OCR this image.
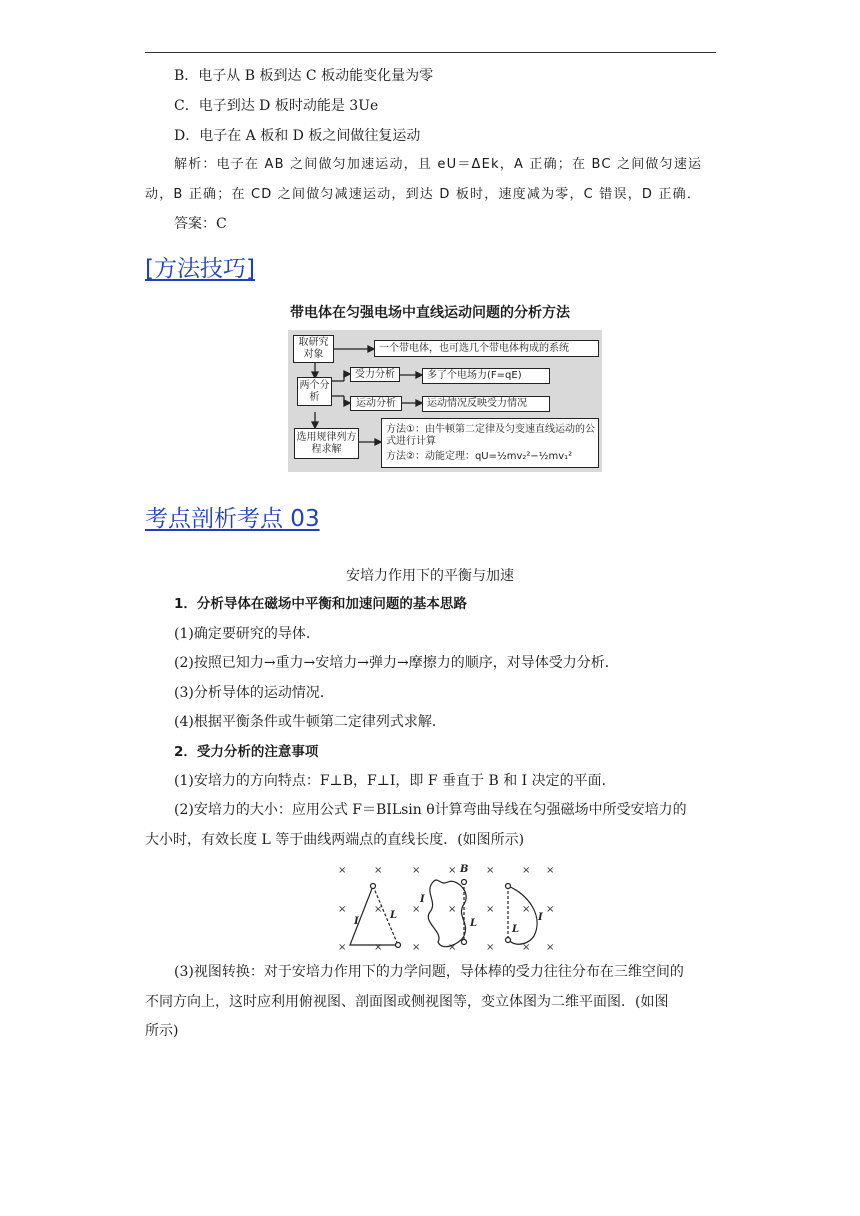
B．电子从 B 板到达 C 板动能变化量为零
C．电子到达 D 板时动能是 3Ue
D．电子在 A 板和 D 板之间做往复运动
解析：电子在 AB 之间做匀加速运动，且 eU＝ΔEk，A 正确；在 BC 之间做匀速运
动，B 正确；在 CD 之间做匀减速运动，到达 D 板时，速度减为零，C 错误，D 正确．
答案：C
[方法技巧]
带电体在匀强电场中直线运动问题的分析方法
取研究对象
一个带电体，也可选几个带电体构成的系统
两个分析
受力分析	多了个电场力(F=qE)
运动分析	运动情况反映受力情况
选用规律列方程求解
方法①：由牛顿第二定律及匀变速直线运动的公式进行计算
方法②：动能定理：qU=½mv₂²−½mv₁²
考点剖析考点 03
安培力作用下的平衡与加速
1．分析导体在磁场中平衡和加速问题的基本思路
(1)确定要研究的导体．
(2)按照已知力→重力→安培力→弹力→摩擦力的顺序，对导体受力分析．
(3)分析导体的运动情况．
(4)根据平衡条件或牛顿第二定律列式求解．
2．受力分析的注意事项
(1)安培力的方向特点：F⊥B，F⊥I，即 F 垂直于 B 和 I 决定的平面．
(2)安培力的大小：应用公式 F＝BILsin θ计算弯曲导线在匀强磁场中所受安培力的
大小时，有效长度 L 等于曲线两端点的直线长度．(如图所示)
×	×	×	×	×	× ×
×	×	×	×	×	× ×
×	×	×	×	×	× ×
I
L
I
B
L
I
L
(3)视图转换：对于安培力作用下的力学问题，导体棒的受力往往分布在三维空间的
不同方向上，这时应利用俯视图、剖面图或侧视图等，变立体图为二维平面图．(如图
所示)
